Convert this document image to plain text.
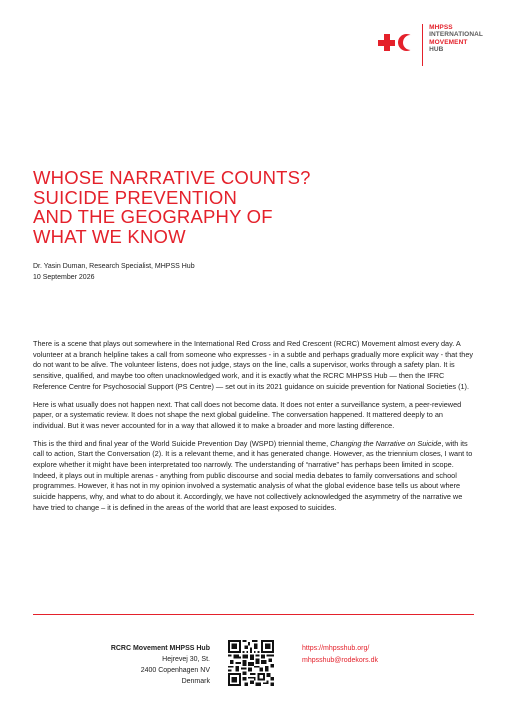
MHPSS
INTERNATIONAL
MOVEMENT
HUB
WHOSE NARRATIVE COUNTS?
SUICIDE PREVENTION
AND THE GEOGRAPHY OF
WHAT WE KNOW
Dr. Yasin Duman, Research Specialist, MHPSS Hub
10 September 2026

There is a scene that plays out somewhere in the International Red Cross and Red Crescent (RCRC) Movement almost every day. A volunteer at a branch helpline takes a call from someone who expresses - in a subtle and perhaps gradually more explicit way - that they do not want to be alive. The volunteer listens, does not judge, stays on the line, calls a supervisor, works through a safety plan. It is sensitive, qualified, and maybe too often unacknowledged work, and it is exactly what the RCRC MHPSS Hub — then the IFRC Reference Centre for Psychosocial Support (PS Centre) — set out in its 2021 guidance on suicide prevention for National Societies (1).

Here is what usually does not happen next. That call does not become data. It does not enter a surveillance system, a peer-reviewed paper, or a systematic review. It does not shape the next global guideline. The conversation happened. It mattered deeply to an individual. But it was never accounted for in a way that allowed it to make a broader and more lasting difference.

This is the third and final year of the World Suicide Prevention Day (WSPD) triennial theme, Changing the Narrative on Suicide, with its call to action, Start the Conversation (2). It is a relevant theme, and it has generated change. However, as the triennium closes, I want to explore whether it might have been interpretated too narrowly. The understanding of “narrative” has perhaps been limited in scope. Indeed, it plays out in multiple arenas - anything from public discourse and social media debates to family conversations and school programmes. However, it has not in my opinion involved a systematic analysis of what the global evidence base tells us about where suicide happens, why, and what to do about it. Accordingly, we have not collectively acknowledged the asymmetry of the narrative we have tried to change – it is defined in the areas of the world that are least exposed to suicides.

RCRC Movement MHPSS Hub
Hejrevej 30, St.
2400 Copenhagen NV
Denmark
https://mhpsshub.org/
mhpsshub@rodekors.dk
